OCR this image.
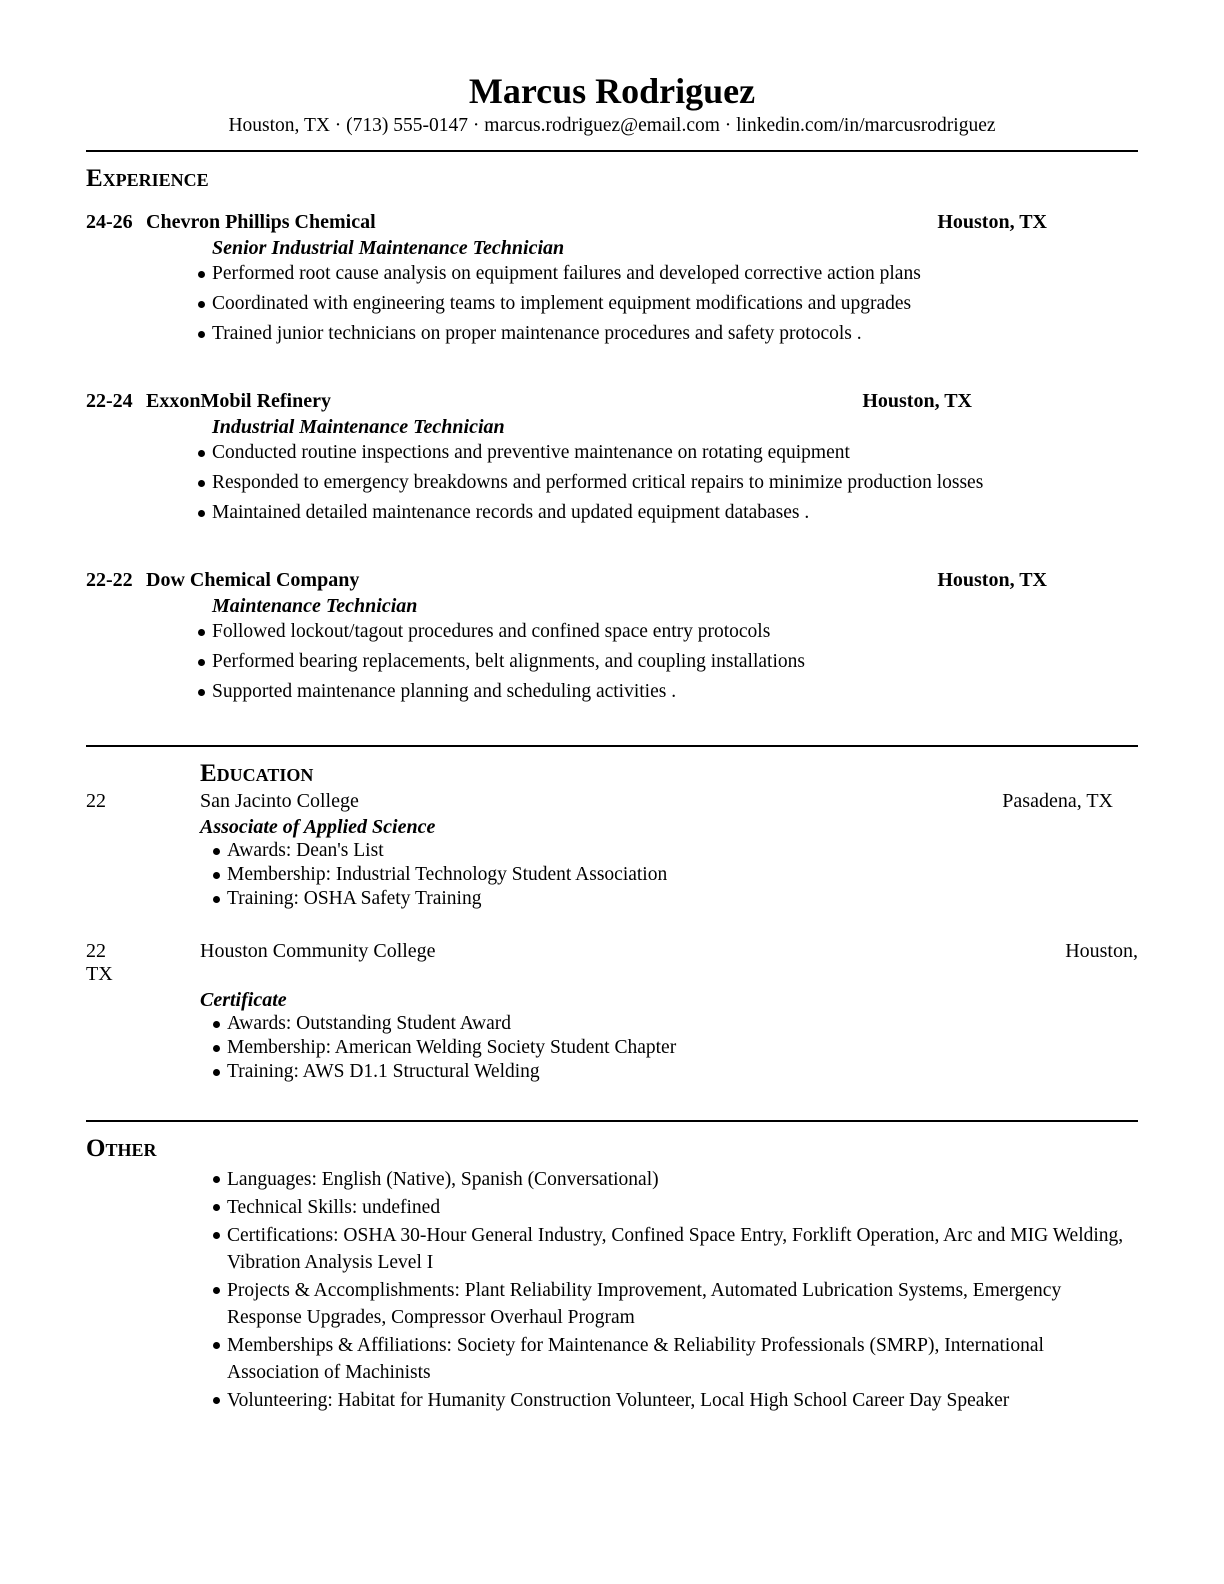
Marcus Rodriguez
Houston, TX · (713) 555-0147 · marcus.rodriguez@email.com · linkedin.com/in/marcusrodriguez
Experience
24-26 Chevron Phillips Chemical	Houston, TX
Senior Industrial Maintenance Technician
Performed root cause analysis on equipment failures and developed corrective action plans
Coordinated with engineering teams to implement equipment modifications and upgrades
Trained junior technicians on proper maintenance procedures and safety protocols .
22-24 ExxonMobil Refinery	Houston, TX
Industrial Maintenance Technician
Conducted routine inspections and preventive maintenance on rotating equipment
Responded to emergency breakdowns and performed critical repairs to minimize production losses
Maintained detailed maintenance records and updated equipment databases .
22-22 Dow Chemical Company	Houston, TX
Maintenance Technician
Followed lockout/tagout procedures and confined space entry protocols
Performed bearing replacements, belt alignments, and coupling installations
Supported maintenance planning and scheduling activities .
Education
22	San Jacinto College	Pasadena, TX
Associate of Applied Science
Awards: Dean's List
Membership: Industrial Technology Student Association
Training: OSHA Safety Training
22	Houston Community College	Houston,
TX
Certificate
Awards: Outstanding Student Award
Membership: American Welding Society Student Chapter
Training: AWS D1.1 Structural Welding
Other
Languages: English (Native), Spanish (Conversational)
Technical Skills: undefined
Certifications: OSHA 30-Hour General Industry, Confined Space Entry, Forklift Operation, Arc and MIG Welding, Vibration Analysis Level I
Projects & Accomplishments: Plant Reliability Improvement, Automated Lubrication Systems, Emergency Response Upgrades, Compressor Overhaul Program
Memberships & Affiliations: Society for Maintenance & Reliability Professionals (SMRP), International Association of Machinists
Volunteering: Habitat for Humanity Construction Volunteer, Local High School Career Day Speaker
